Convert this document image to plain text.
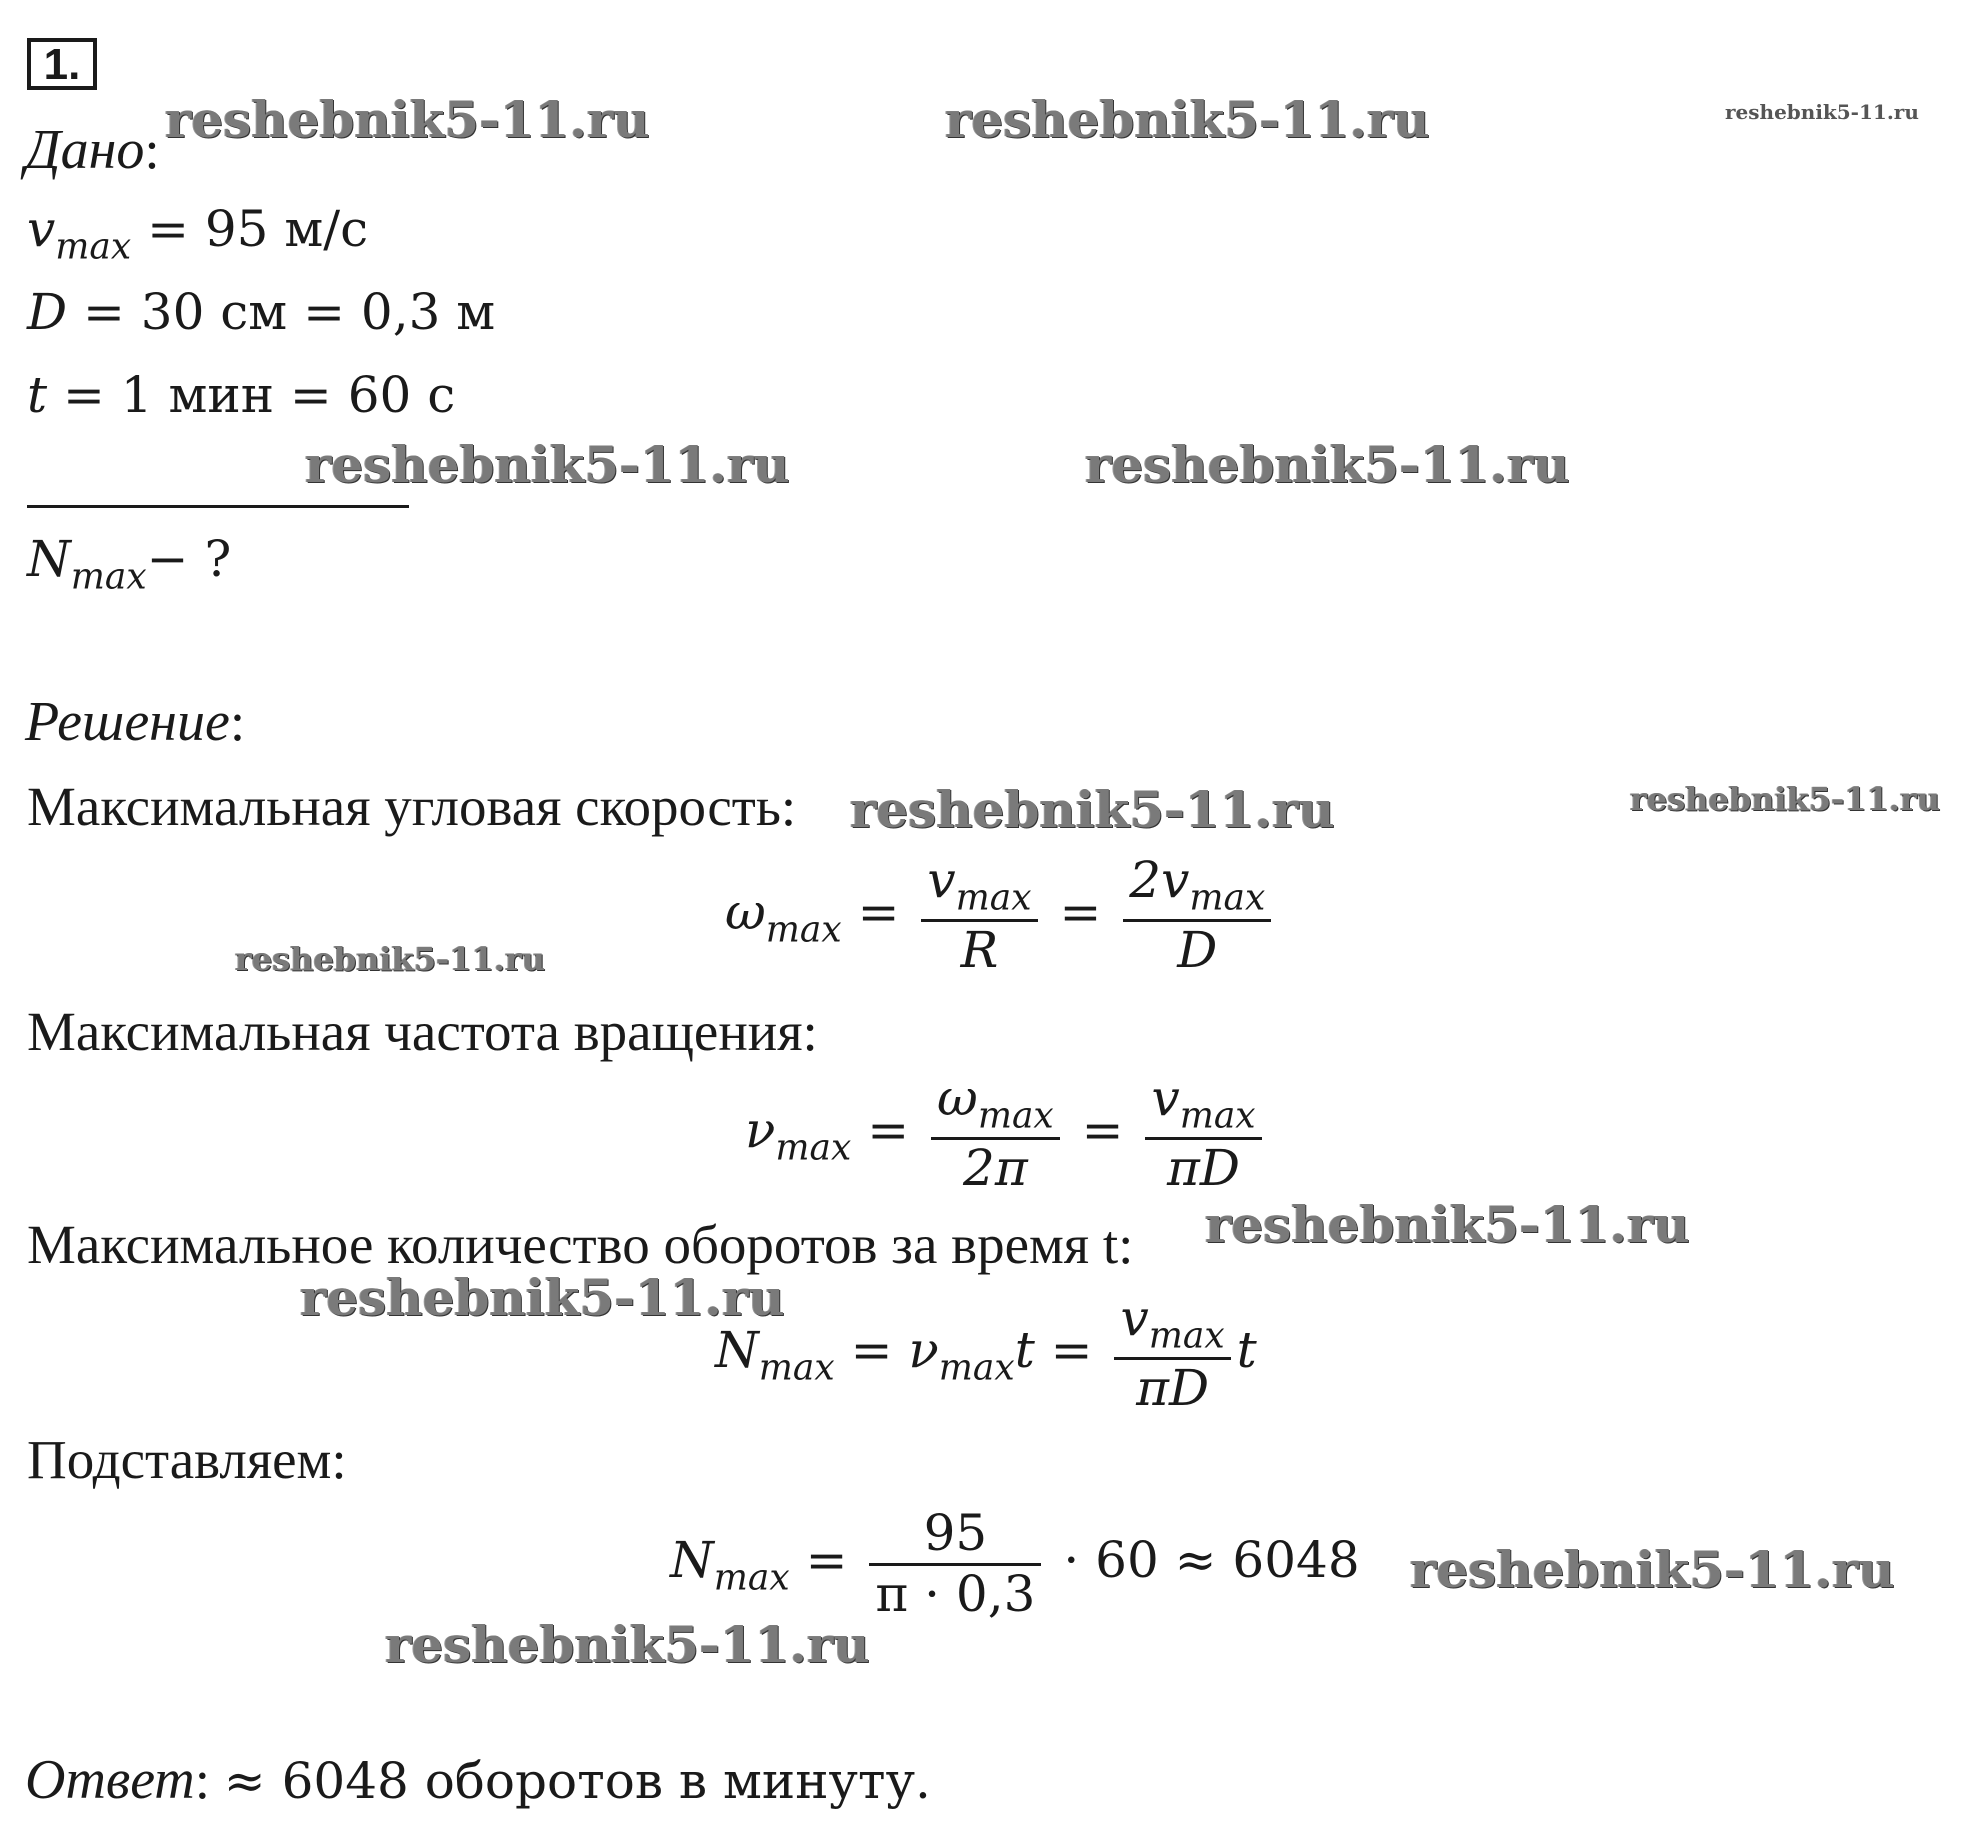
1.
Дано:
$v_{max} = 95$ м/с
D = 30 см = 0,3 м
t = 1 мин = 60 с
$N_{max}-$ ?
Решение:
Максимальная угловая скорость:
$\omega_{max} = \frac{v_{max}}{R} = \frac{2v_{max}}{D}$
Максимальная частота вращения:
$\nu_{max} = \frac{\omega_{max}}{2\pi} = \frac{v_{max}}{\pi D}$
Максимальное количество оборотов за время t:
$N_{max} = \nu_{max}t = \frac{v_{max}}{\pi D}$ t
Подставляем:
$N_{max} = \frac{95}{\pi \cdot 0,3} \cdot 60 \approx 6048$
Ответ: ≈ 6048 оборотов в минуту.
reshebnik5-11.ru	reshebnik5-11.ru	reshebnik5-11.ru
reshebnik5-11.ru	reshebnik5-11.ru
reshebnik5-11.ru	reshebnik5-11.ru
reshebnik5-11.ru
reshebnik5-11.ru
reshebnik5-11.ru
reshebnik5-11.ru
reshebnik5-11.ru
